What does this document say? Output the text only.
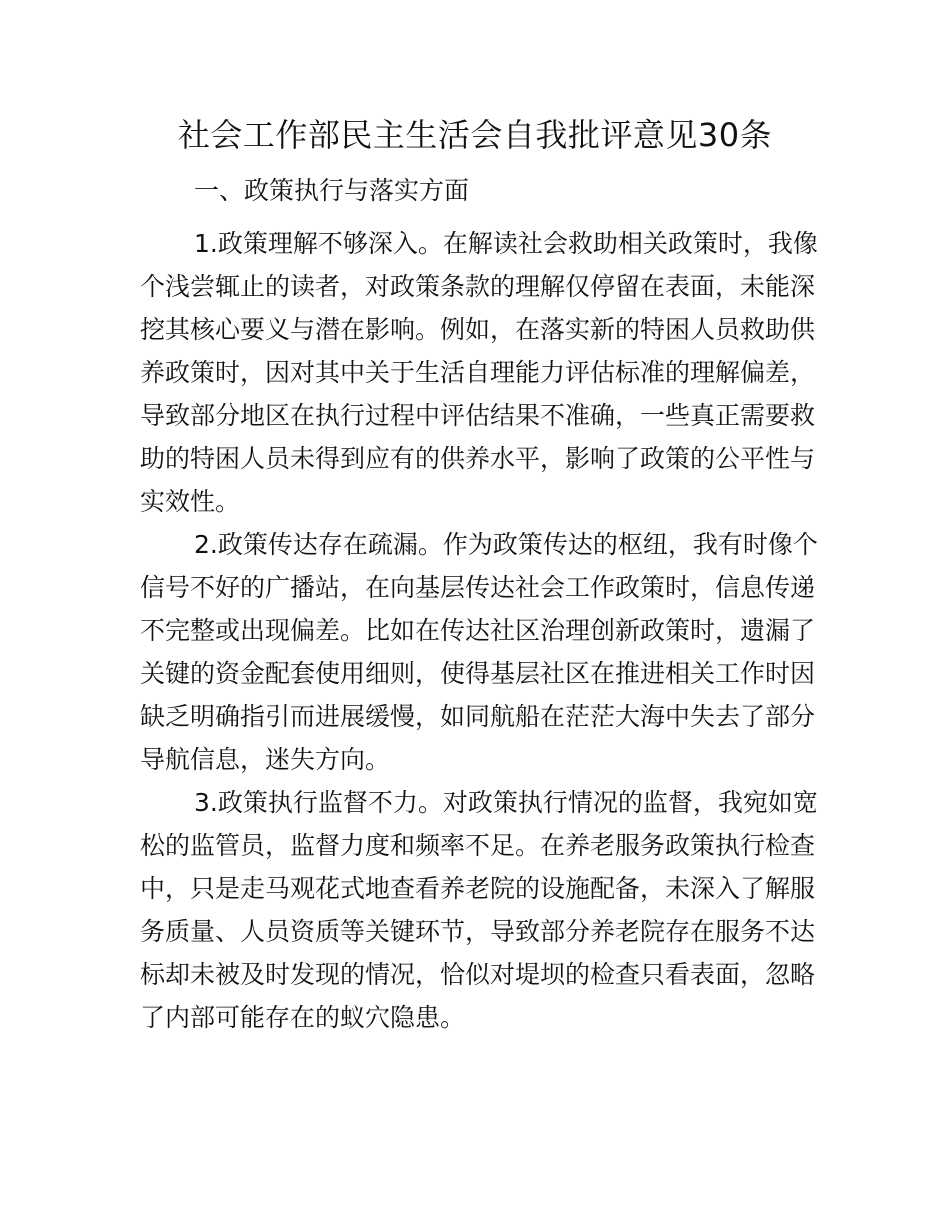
社会工作部民主生活会自我批评意见30条
一、政策执行与落实方面
1.政策理解不够深入。在解读社会救助相关政策时，我像
个浅尝辄止的读者，对政策条款的理解仅停留在表面，未能深
挖其核心要义与潜在影响。例如，在落实新的特困人员救助供
养政策时，因对其中关于生活自理能力评估标准的理解偏差，
导致部分地区在执行过程中评估结果不准确，一些真正需要救
助的特困人员未得到应有的供养水平，影响了政策的公平性与
实效性。
2.政策传达存在疏漏。作为政策传达的枢纽，我有时像个
信号不好的广播站，在向基层传达社会工作政策时，信息传递
不完整或出现偏差。比如在传达社区治理创新政策时，遗漏了
关键的资金配套使用细则，使得基层社区在推进相关工作时因
缺乏明确指引而进展缓慢，如同航船在茫茫大海中失去了部分
导航信息，迷失方向。
3.政策执行监督不力。对政策执行情况的监督，我宛如宽
松的监管员，监督力度和频率不足。在养老服务政策执行检查
中，只是走马观花式地查看养老院的设施配备，未深入了解服
务质量、人员资质等关键环节，导致部分养老院存在服务不达
标却未被及时发现的情况，恰似对堤坝的检查只看表面，忽略
了内部可能存在的蚁穴隐患。
